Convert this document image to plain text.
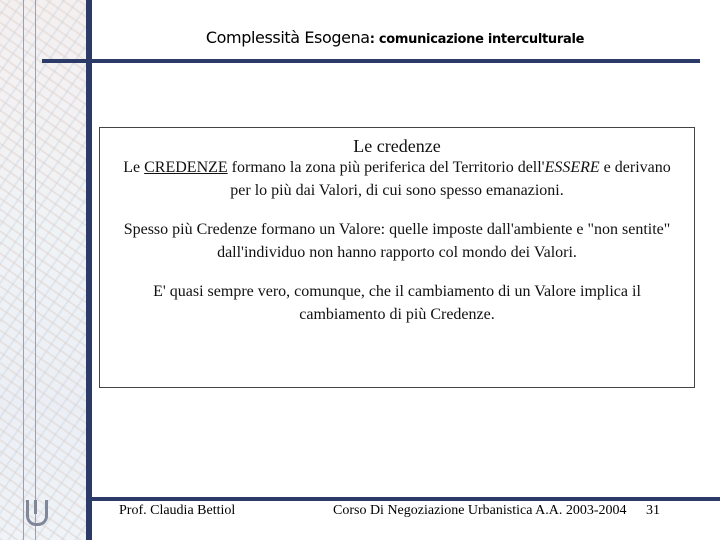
Complessità Esogena: comunicazione interculturale
Le credenze
Le CREDENZE formano la zona più periferica del Territorio dell'ESSERE e derivano per lo più dai Valori, di cui sono spesso emanazioni.
Spesso più Credenze formano un Valore: quelle imposte dall'ambiente e "non sentite" dall'individuo non hanno rapporto col mondo dei Valori.
E' quasi sempre vero, comunque, che il cambiamento di un Valore implica il cambiamento di più Credenze.
Prof. Claudia Bettiol	Corso Di Negoziazione Urbanistica A.A. 2003-2004 31
